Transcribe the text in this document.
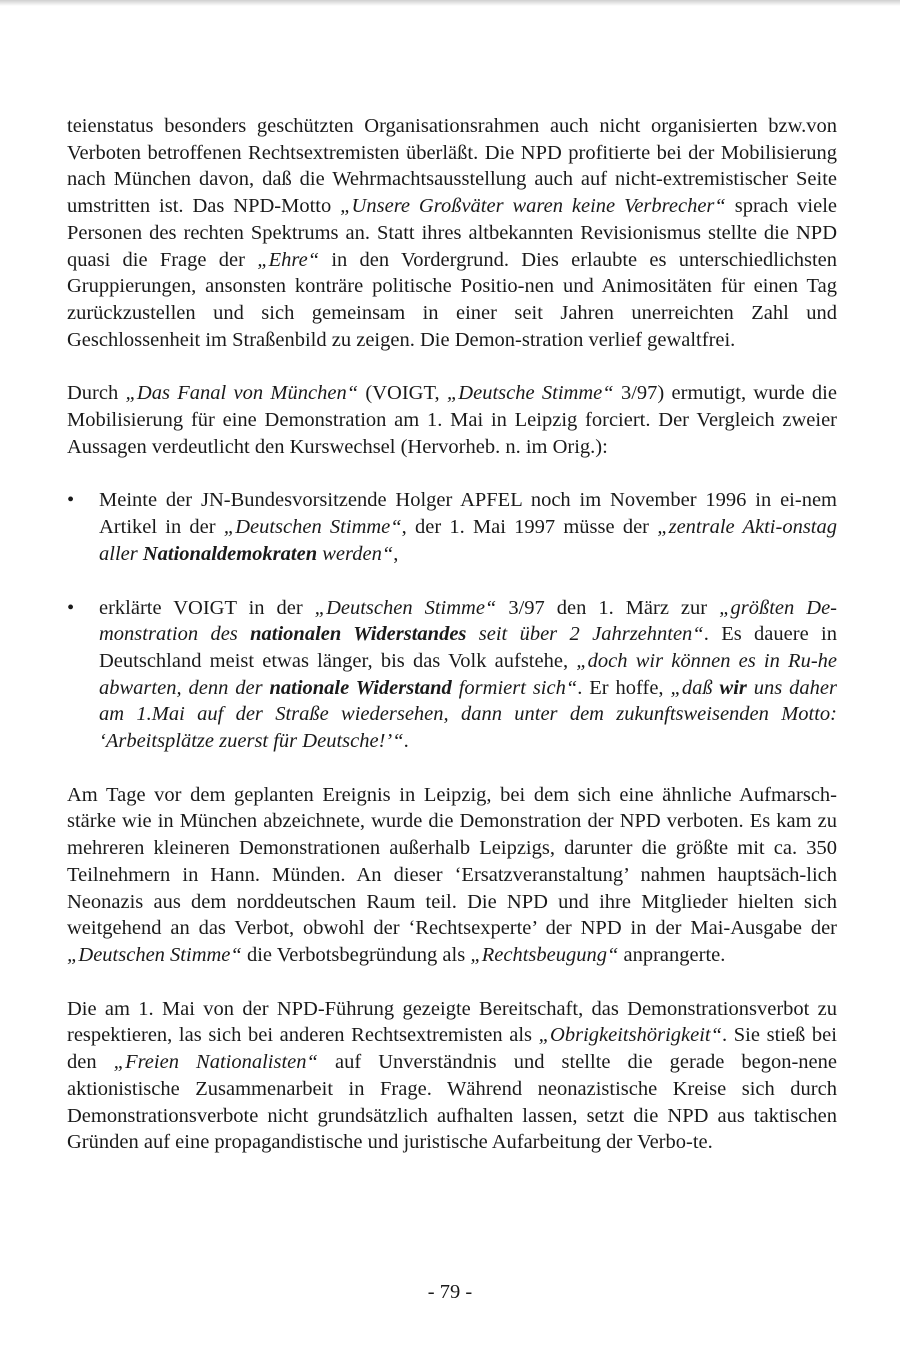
teienstatus besonders geschützten Organisationsrahmen auch nicht organisierten bzw.von Verboten betroffenen Rechtsextremisten überläßt. Die NPD profitierte bei der Mobilisierung nach München davon, daß die Wehrmachtsausstellung auch auf nicht-extremistischer Seite umstritten ist. Das NPD-Motto „Unsere Großväter waren keine Verbrecher“ sprach viele Personen des rechten Spektrums an. Statt ihres altbekannten Revisionismus stellte die NPD quasi die Frage der „Ehre“ in den Vordergrund. Dies erlaubte es unterschiedlichsten Gruppierungen, ansonsten konträre politische Positio-nen und Animositäten für einen Tag zurückzustellen und sich gemeinsam in einer seit Jahren unerreichten Zahl und Geschlossenheit im Straßenbild zu zeigen. Die Demon-stration verlief gewaltfrei.

Durch „Das Fanal von München“ (VOIGT, „Deutsche Stimme“ 3/97) ermutigt, wurde die Mobilisierung für eine Demonstration am 1. Mai in Leipzig forciert. Der Vergleich zweier Aussagen verdeutlicht den Kurswechsel (Hervorheb. n. im Orig.):

•	Meinte der JN-Bundesvorsitzende Holger APFEL noch im November 1996 in ei-nem Artikel in der „Deutschen Stimme“, der 1. Mai 1997 müsse der „zentrale Akti-onstag aller Nationaldemokraten werden“,
•	erklärte VOIGT in der „Deutschen Stimme“ 3/97 den 1. März zur „größten De-monstration des nationalen Widerstandes seit über 2 Jahrzehnten“. Es dauere in Deutschland meist etwas länger, bis das Volk aufstehe, „doch wir können es in Ru-he abwarten, denn der nationale Widerstand formiert sich“. Er hoffe, „daß wir uns daher am 1.Mai auf der Straße wiedersehen, dann unter dem zukunftsweisenden Motto: ‘Arbeitsplätze zuerst für Deutsche!’“.

Am Tage vor dem geplanten Ereignis in Leipzig, bei dem sich eine ähnliche Aufmarsch-stärke wie in München abzeichnete, wurde die Demonstration der NPD verboten. Es kam zu mehreren kleineren Demonstrationen außerhalb Leipzigs, darunter die größte mit ca. 350 Teilnehmern in Hann. Münden. An dieser ‘Ersatzveranstaltung’ nahmen hauptsäch-lich Neonazis aus dem norddeutschen Raum teil. Die NPD und ihre Mitglieder hielten sich weitgehend an das Verbot, obwohl der ‘Rechtsexperte’ der NPD in der Mai-Ausgabe der „Deutschen Stimme“ die Verbotsbegründung als „Rechtsbeugung“ anprangerte.

Die am 1. Mai von der NPD-Führung gezeigte Bereitschaft, das Demonstrationsverbot zu respektieren, las sich bei anderen Rechtsextremisten als „Obrigkeitshörigkeit“. Sie stieß bei den „Freien Nationalisten“ auf Unverständnis und stellte die gerade begon-nene aktionistische Zusammenarbeit in Frage. Während neonazistische Kreise sich durch Demonstrationsverbote nicht grundsätzlich aufhalten lassen, setzt die NPD aus taktischen Gründen auf eine propagandistische und juristische Aufarbeitung der Verbo-te.

- 79 -
